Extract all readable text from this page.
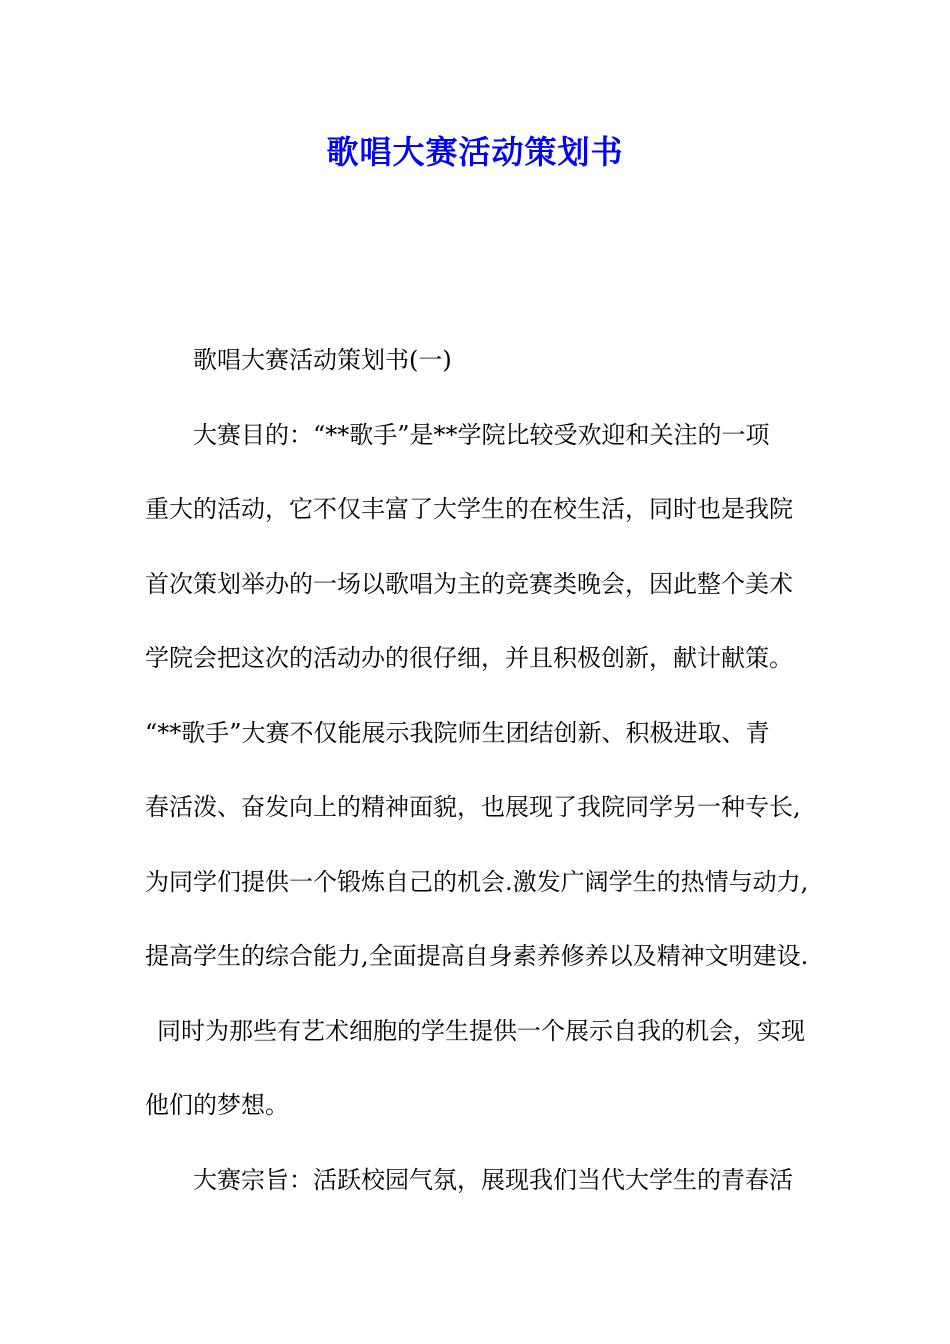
歌唱大赛活动策划书
歌唱大赛活动策划书(一)
大赛目的：“**歌手”是**学院比较受欢迎和关注的一项
重大的活动，它不仅丰富了大学生的在校生活，同时也是我院
首次策划举办的一场以歌唱为主的竞赛类晚会，因此整个美术
学院会把这次的活动办的很仔细，并且积极创新，献计献策。
“**歌手”大赛不仅能展示我院师生团结创新、积极进取、青
春活泼、奋发向上的精神面貌，也展现了我院同学另一种专长,
为同学们提供一个锻炼自己的机会.激发广阔学生的热情与动力,
提高学生的综合能力,全面提高自身素养修养以及精神文明建设.
同时为那些有艺术细胞的学生提供一个展示自我的机会，实现
他们的梦想。
大赛宗旨：活跃校园气氛，展现我们当代大学生的青春活
